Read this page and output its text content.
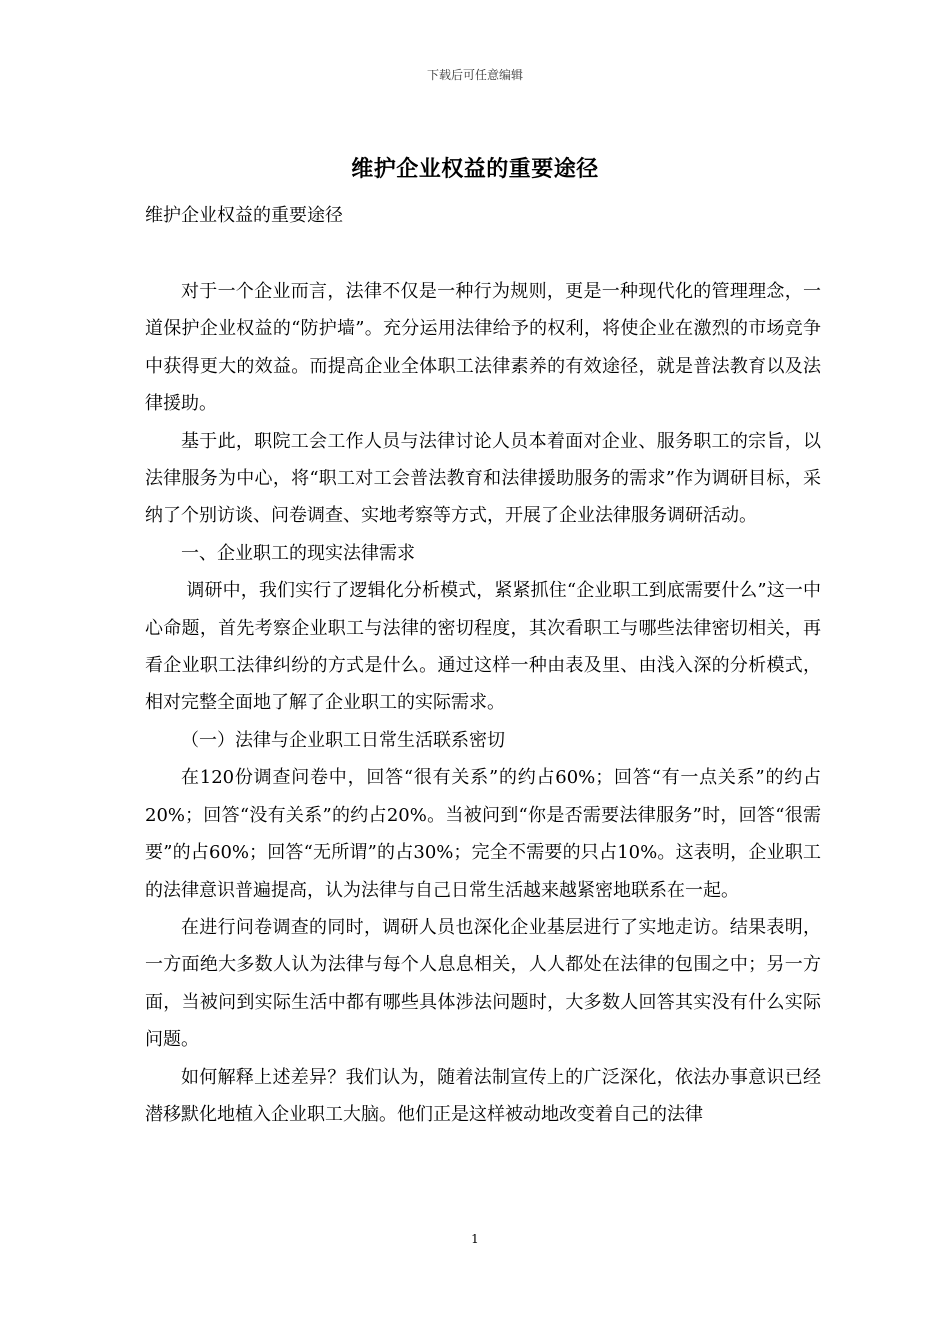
下载后可任意编辑
维护企业权益的重要途径
维护企业权益的重要途径

对于一个企业而言，法律不仅是一种行为规则，更是一种现代化的管理理念，一道保护企业权益的“防护墙”。充分运用法律给予的权利，将使企业在激烈的市场竞争中获得更大的效益。而提高企业全体职工法律素养的有效途径，就是普法教育以及法律援助。

基于此，职院工会工作人员与法律讨论人员本着面对企业、服务职工的宗旨，以法律服务为中心，将“职工对工会普法教育和法律援助服务的需求”作为调研目标，采纳了个别访谈、问卷调查、实地考察等方式，开展了企业法律服务调研活动。

一、企业职工的现实法律需求

调研中，我们实行了逻辑化分析模式，紧紧抓住“企业职工到底需要什么”这一中心命题，首先考察企业职工与法律的密切程度，其次看职工与哪些法律密切相关，再看企业职工法律纠纷的方式是什么。通过这样一种由表及里、由浅入深的分析模式，相对完整全面地了解了企业职工的实际需求。

（一）法律与企业职工日常生活联系密切

在120份调查问卷中，回答“很有关系”的约占60%；回答“有一点关系”的约占20%；回答“没有关系”的约占20%。当被问到“你是否需要法律服务”时，回答“很需要”的占60%；回答“无所谓”的占30%；完全不需要的只占10%。这表明，企业职工的法律意识普遍提高，认为法律与自己日常生活越来越紧密地联系在一起。

在进行问卷调查的同时，调研人员也深化企业基层进行了实地走访。结果表明，一方面绝大多数人认为法律与每个人息息相关，人人都处在法律的包围之中；另一方面，当被问到实际生活中都有哪些具体涉法问题时，大多数人回答其实没有什么实际问题。

如何解释上述差异？我们认为，随着法制宣传上的广泛深化，依法办事意识已经潜移默化地植入企业职工大脑。他们正是这样被动地改变着自己的法律

1
